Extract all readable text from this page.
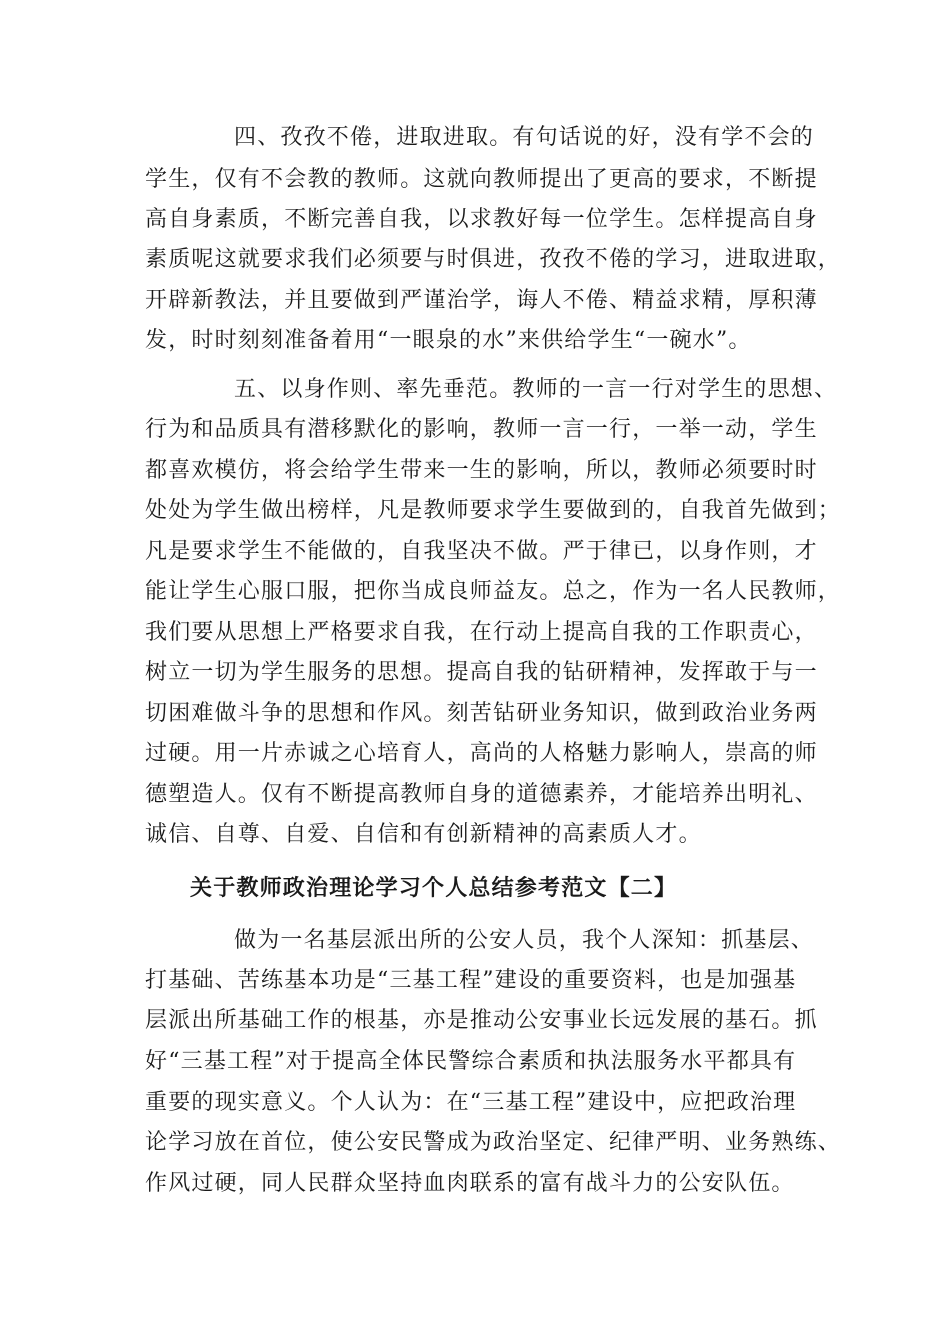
四、孜孜不倦，进取进取。有句话说的好，没有学不会的
学生，仅有不会教的教师。这就向教师提出了更高的要求，不断提
高自身素质，不断完善自我，以求教好每一位学生。怎样提高自身
素质呢这就要求我们必须要与时俱进，孜孜不倦的学习，进取进取，
开辟新教法，并且要做到严谨治学，诲人不倦、精益求精，厚积薄
发，时时刻刻准备着用“一眼泉的水”来供给学生“一碗水”。
五、以身作则、率先垂范。教师的一言一行对学生的思想、
行为和品质具有潜移默化的影响，教师一言一行，一举一动，学生
都喜欢模仿，将会给学生带来一生的影响，所以，教师必须要时时
处处为学生做出榜样，凡是教师要求学生要做到的，自我首先做到；
凡是要求学生不能做的，自我坚决不做。严于律已，以身作则，才
能让学生心服口服，把你当成良师益友。总之，作为一名人民教师，
我们要从思想上严格要求自我，在行动上提高自我的工作职责心，
树立一切为学生服务的思想。提高自我的钻研精神，发挥敢于与一
切困难做斗争的思想和作风。刻苦钻研业务知识，做到政治业务两
过硬。用一片赤诚之心培育人，高尚的人格魅力影响人，崇高的师
德塑造人。仅有不断提高教师自身的道德素养，才能培养出明礼、
诚信、自尊、自爱、自信和有创新精神的高素质人才。
关于教师政治理论学习个人总结参考范文【二】
做为一名基层派出所的公安人员，我个人深知：抓基层、
打基础、苦练基本功是“三基工程”建设的重要资料，也是加强基
层派出所基础工作的根基，亦是推动公安事业长远发展的基石。抓
好“三基工程”对于提高全体民警综合素质和执法服务水平都具有
重要的现实意义。个人认为：在“三基工程”建设中，应把政治理
论学习放在首位，使公安民警成为政治坚定、纪律严明、业务熟练、
作风过硬，同人民群众坚持血肉联系的富有战斗力的公安队伍。
